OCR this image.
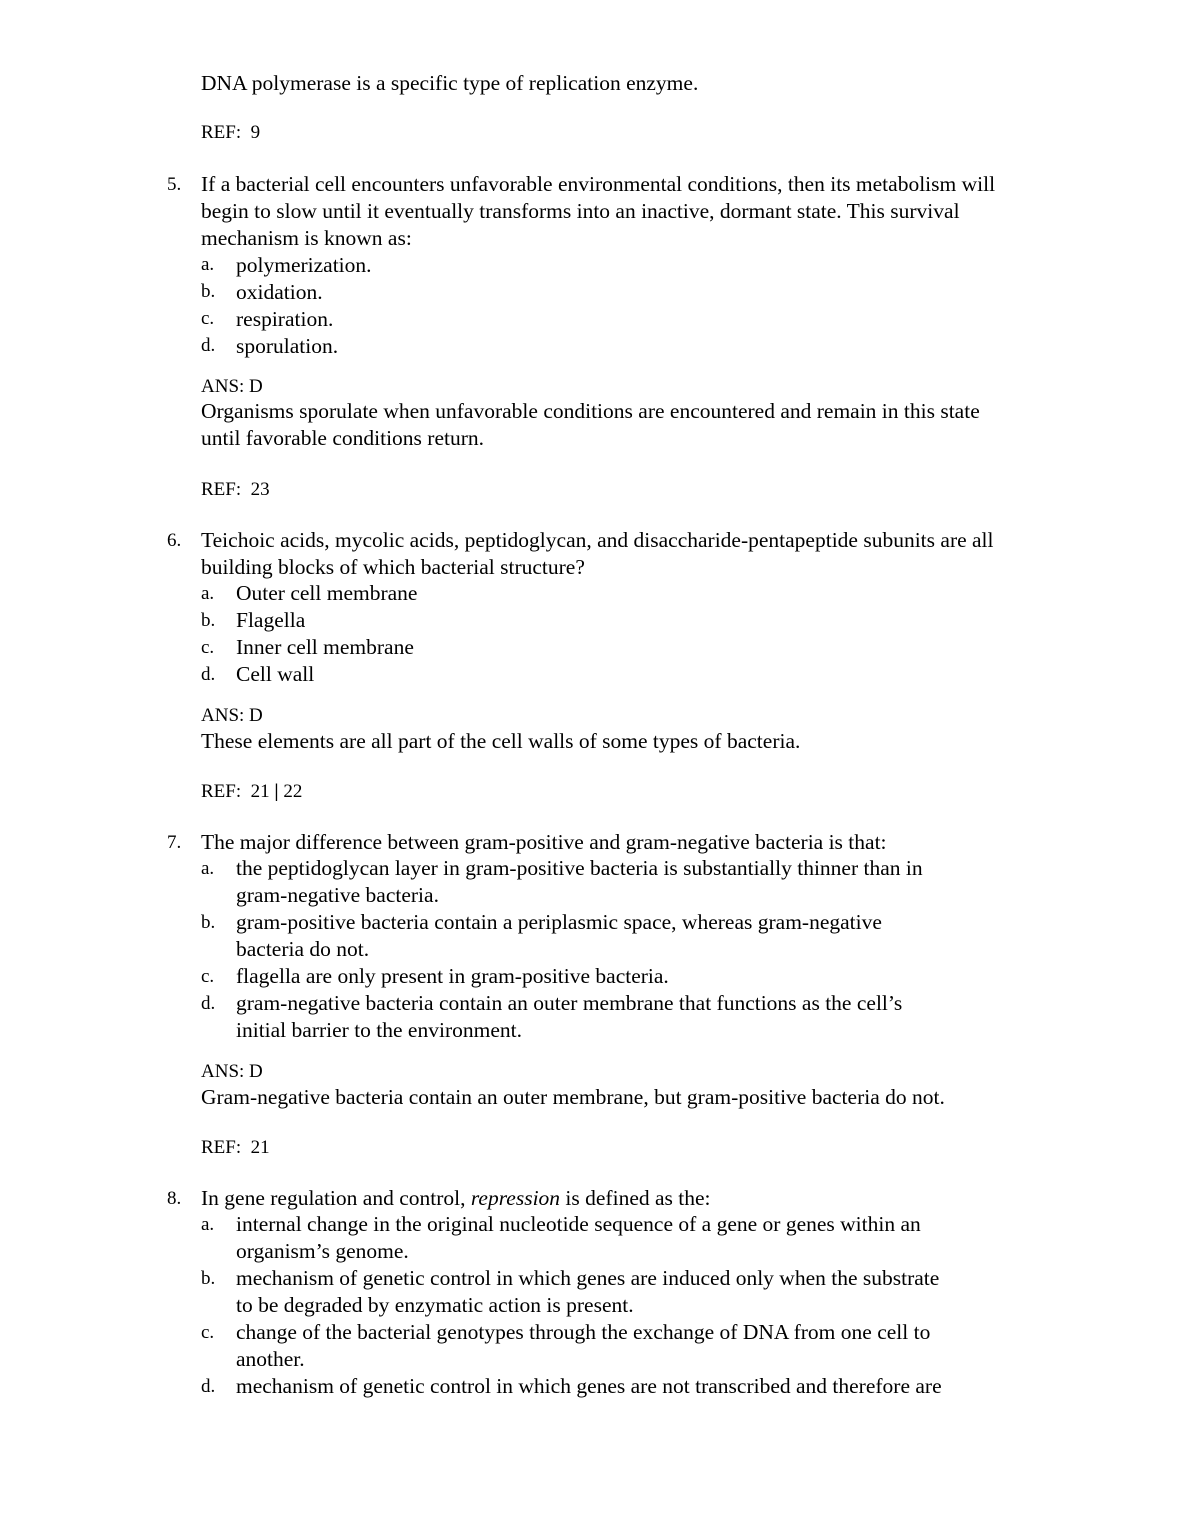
DNA polymerase is a specific type of replication enzyme.
REF: 9
5. If a bacterial cell encounters unfavorable environmental conditions, then its metabolism will
begin to slow until it eventually transforms into an inactive, dormant state. This survival
mechanism is known as:
a. polymerization.
b. oxidation.
c. respiration.
d. sporulation.
ANS: D
Organisms sporulate when unfavorable conditions are encountered and remain in this state
until favorable conditions return.
REF: 23
6. Teichoic acids, mycolic acids, peptidoglycan, and disaccharide-pentapeptide subunits are all
building blocks of which bacterial structure?
a. Outer cell membrane
b. Flagella
c. Inner cell membrane
d. Cell wall
ANS: D
These elements are all part of the cell walls of some types of bacteria.
REF: 21 | 22
7. The major difference between gram-positive and gram-negative bacteria is that:
a. the peptidoglycan layer in gram-positive bacteria is substantially thinner than in
gram-negative bacteria.
b. gram-positive bacteria contain a periplasmic space, whereas gram-negative
bacteria do not.
c. flagella are only present in gram-positive bacteria.
d. gram-negative bacteria contain an outer membrane that functions as the cell’s
initial barrier to the environment.
ANS: D
Gram-negative bacteria contain an outer membrane, but gram-positive bacteria do not.
REF: 21
8. In gene regulation and control, repression is defined as the:
a. internal change in the original nucleotide sequence of a gene or genes within an
organism’s genome.
b. mechanism of genetic control in which genes are induced only when the substrate
to be degraded by enzymatic action is present.
c. change of the bacterial genotypes through the exchange of DNA from one cell to
another.
d. mechanism of genetic control in which genes are not transcribed and therefore are
